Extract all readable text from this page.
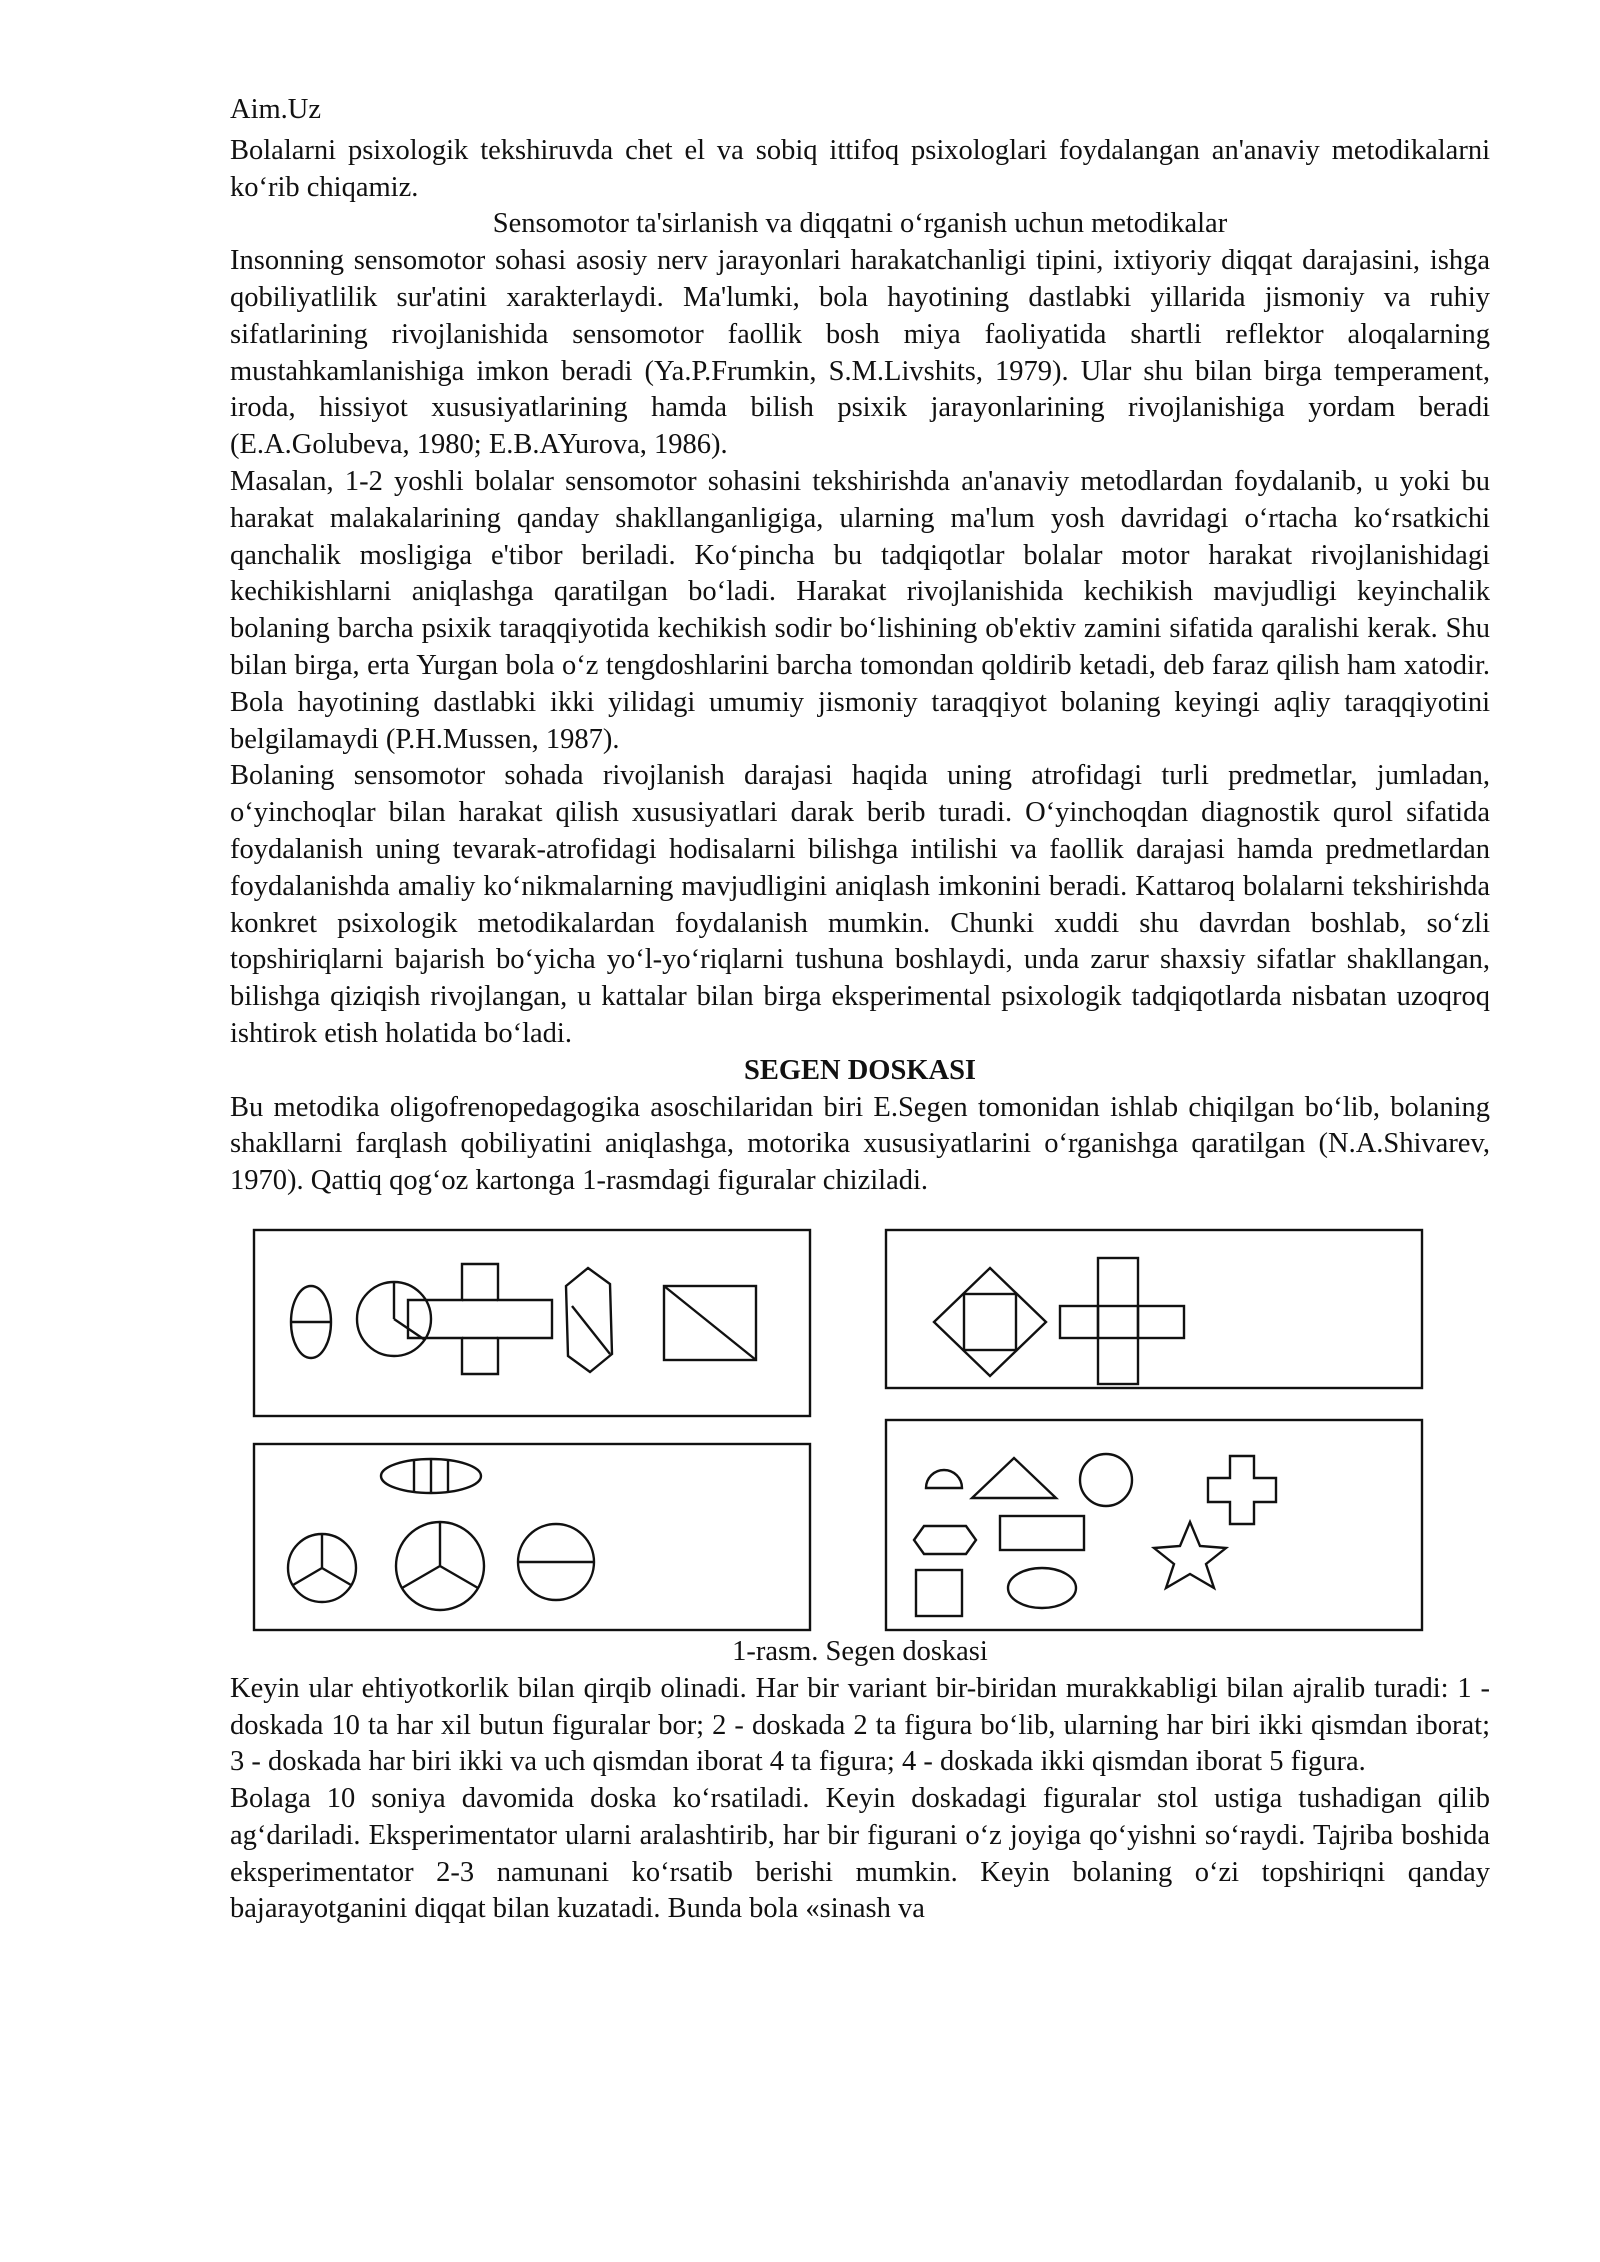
Aim.Uz

Bolalarni psixologik tekshiruvda chet el va sobiq ittifoq psixologlari foydalangan an'anaviy metodikalarni ko‘rib chiqamiz.

Sensomotor ta'sirlanish va diqqatni o‘rganish uchun metodikalar

Insonning sensomotor sohasi asosiy nerv jarayonlari harakatchanligi tipini, ixtiyoriy diqqat darajasini, ishga qobiliyatlilik sur'atini xarakterlaydi. Ma'lumki, bola hayotining dastlabki yillarida jismoniy va ruhiy sifatlarining rivojlanishida sensomotor faollik bosh miya faoliyatida shartli reflektor aloqalarning mustahkamlanishiga imkon beradi (Ya.P.Frumkin, S.M.Livshits, 1979). Ular shu bilan birga temperament, iroda, hissiyot xususiyatlarining hamda bilish psixik jarayonlarining rivojlanishiga yordam beradi (E.A.Golubeva, 1980; E.B.AYurova, 1986).

Masalan, 1-2 yoshli bolalar sensomotor sohasini tekshirishda an'anaviy metodlardan foydalanib, u yoki bu harakat malakalarining qanday shakllanganligiga, ularning ma'lum yosh davridagi o‘rtacha ko‘rsatkichi qanchalik mosligiga e'tibor beriladi. Ko‘pincha bu tadqiqotlar bolalar motor harakat rivojlanishidagi kechikishlarni aniqlashga qaratilgan bo‘ladi. Harakat rivojlanishida kechikish mavjudligi keyinchalik bolaning barcha psixik taraqqiyotida kechikish sodir bo‘lishining ob'ektiv zamini sifatida qaralishi kerak. Shu bilan birga, erta Yurgan bola o‘z tengdoshlarini barcha tomondan qoldirib ketadi, deb faraz qilish ham xatodir. Bola hayotining dastlabki ikki yilidagi umumiy jismoniy taraqqiyot bolaning keyingi aqliy taraqqiyotini belgilamaydi (P.H.Mussen, 1987).

Bolaning sensomotor sohada rivojlanish darajasi haqida uning atrofidagi turli predmetlar, jumladan, o‘yinchoqlar bilan harakat qilish xususiyatlari darak berib turadi. O‘yinchoqdan diagnostik qurol sifatida foydalanish uning tevarak-atrofidagi hodisalarni bilishga intilishi va faollik darajasi hamda predmetlardan foydalanishda amaliy ko‘nikmalarning mavjudligini aniqlash imkonini beradi. Kattaroq bolalarni tekshirishda konkret psixologik metodikalardan foydalanish mumkin. Chunki xuddi shu davrdan boshlab, so‘zli topshiriqlarni bajarish bo‘yicha yo‘l-yo‘riqlarni tushuna boshlaydi, unda zarur shaxsiy sifatlar shakllangan, bilishga qiziqish rivojlangan, u kattalar bilan birga eksperimental psixologik tadqiqotlarda nisbatan uzoqroq ishtirok etish holatida bo‘ladi.

SEGEN DOSKASI

Bu metodika oligofrenopedagogika asoschilaridan biri E.Segen tomonidan ishlab chiqilgan bo‘lib, bolaning shakllarni farqlash qobiliyatini aniqlashga, motorika xususiyatlarini o‘rganishga qaratilgan (N.A.Shivarev, 1970). Qattiq qog‘oz kartonga 1-rasmdagi figuralar chiziladi.

1-rasm. Segen doskasi

Keyin ular ehtiyotkorlik bilan qirqib olinadi. Har bir variant bir-biridan murakkabligi bilan ajralib turadi: 1 - doskada 10 ta har xil butun figuralar bor; 2 - doskada 2 ta figura bo‘lib, ularning har biri ikki qismdan iborat; 3 - doskada har biri ikki va uch qismdan iborat 4 ta figura; 4 - doskada ikki qismdan iborat 5 figura.

Bolaga 10 soniya davomida doska ko‘rsatiladi. Keyin doskadagi figuralar stol ustiga tushadigan qilib ag‘dariladi. Eksperimentator ularni aralashtirib, har bir figurani o‘z joyiga qo‘yishni so‘raydi. Tajriba boshida eksperimentator 2-3 namunani ko‘rsatib berishi mumkin. Keyin bolaning o‘zi topshiriqni qanday bajarayotganini diqqat bilan kuzatadi. Bunda bola «sinash va
